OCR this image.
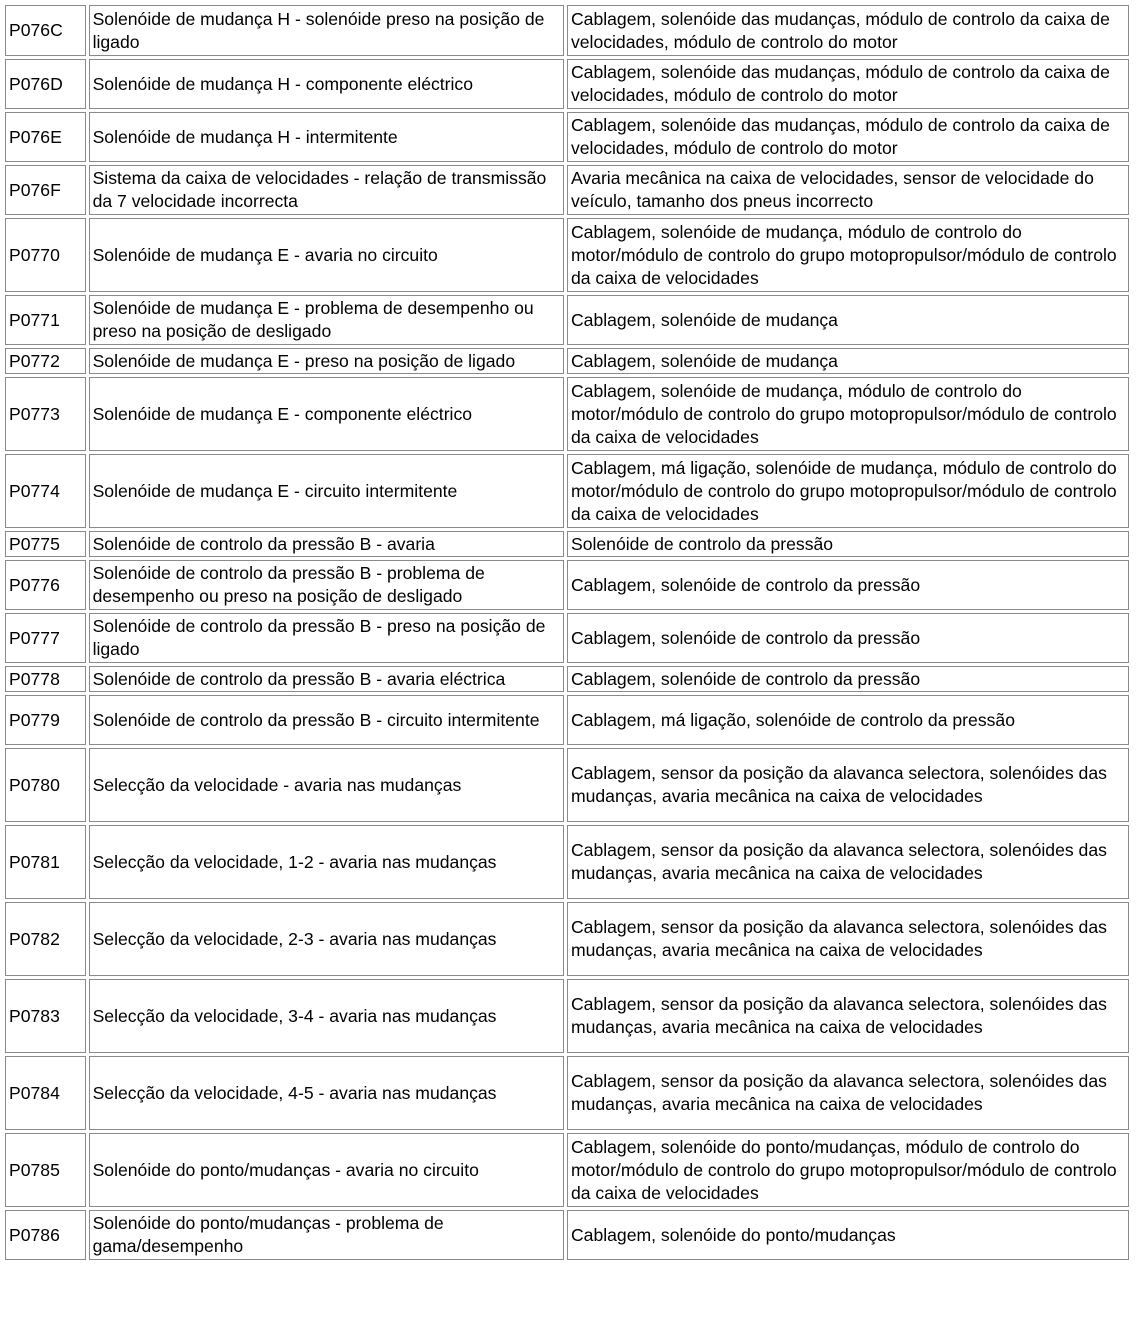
P076C	Solenóide de mudança H - solenóide preso na posição de ligado	Cablagem, solenóide das mudanças, módulo de controlo da caixa de velocidades, módulo de controlo do motor
P076D	Solenóide de mudança H - componente eléctrico	Cablagem, solenóide das mudanças, módulo de controlo da caixa de velocidades, módulo de controlo do motor
P076E	Solenóide de mudança H - intermitente	Cablagem, solenóide das mudanças, módulo de controlo da caixa de velocidades, módulo de controlo do motor
P076F	Sistema da caixa de velocidades - relação de transmissão da 7 velocidade incorrecta	Avaria mecânica na caixa de velocidades, sensor de velocidade do veículo, tamanho dos pneus incorrecto
P0770	Solenóide de mudança E - avaria no circuito	Cablagem, solenóide de mudança, módulo de controlo do motor/módulo de controlo do grupo motopropulsor/módulo de controlo da caixa de velocidades
P0771	Solenóide de mudança E - problema de desempenho ou preso na posição de desligado	Cablagem, solenóide de mudança
P0772	Solenóide de mudança E - preso na posição de ligado	Cablagem, solenóide de mudança
P0773	Solenóide de mudança E - componente eléctrico	Cablagem, solenóide de mudança, módulo de controlo do motor/módulo de controlo do grupo motopropulsor/módulo de controlo da caixa de velocidades
P0774	Solenóide de mudança E - circuito intermitente	Cablagem, má ligação, solenóide de mudança, módulo de controlo do motor/módulo de controlo do grupo motopropulsor/módulo de controlo da caixa de velocidades
P0775	Solenóide de controlo da pressão B - avaria	Solenóide de controlo da pressão
P0776	Solenóide de controlo da pressão B - problema de desempenho ou preso na posição de desligado	Cablagem, solenóide de controlo da pressão
P0777	Solenóide de controlo da pressão B - preso na posição de ligado	Cablagem, solenóide de controlo da pressão
P0778	Solenóide de controlo da pressão B - avaria eléctrica	Cablagem, solenóide de controlo da pressão
P0779	Solenóide de controlo da pressão B - circuito intermitente	Cablagem, má ligação, solenóide de controlo da pressão
P0780	Selecção da velocidade - avaria nas mudanças	Cablagem, sensor da posição da alavanca selectora, solenóides das mudanças, avaria mecânica na caixa de velocidades
P0781	Selecção da velocidade, 1-2 - avaria nas mudanças	Cablagem, sensor da posição da alavanca selectora, solenóides das mudanças, avaria mecânica na caixa de velocidades
P0782	Selecção da velocidade, 2-3 - avaria nas mudanças	Cablagem, sensor da posição da alavanca selectora, solenóides das mudanças, avaria mecânica na caixa de velocidades
P0783	Selecção da velocidade, 3-4 - avaria nas mudanças	Cablagem, sensor da posição da alavanca selectora, solenóides das mudanças, avaria mecânica na caixa de velocidades
P0784	Selecção da velocidade, 4-5 - avaria nas mudanças	Cablagem, sensor da posição da alavanca selectora, solenóides das mudanças, avaria mecânica na caixa de velocidades
P0785	Solenóide do ponto/mudanças - avaria no circuito	Cablagem, solenóide do ponto/mudanças, módulo de controlo do motor/módulo de controlo do grupo motopropulsor/módulo de controlo da caixa de velocidades
P0786	Solenóide do ponto/mudanças - problema de gama/desempenho	Cablagem, solenóide do ponto/mudanças
